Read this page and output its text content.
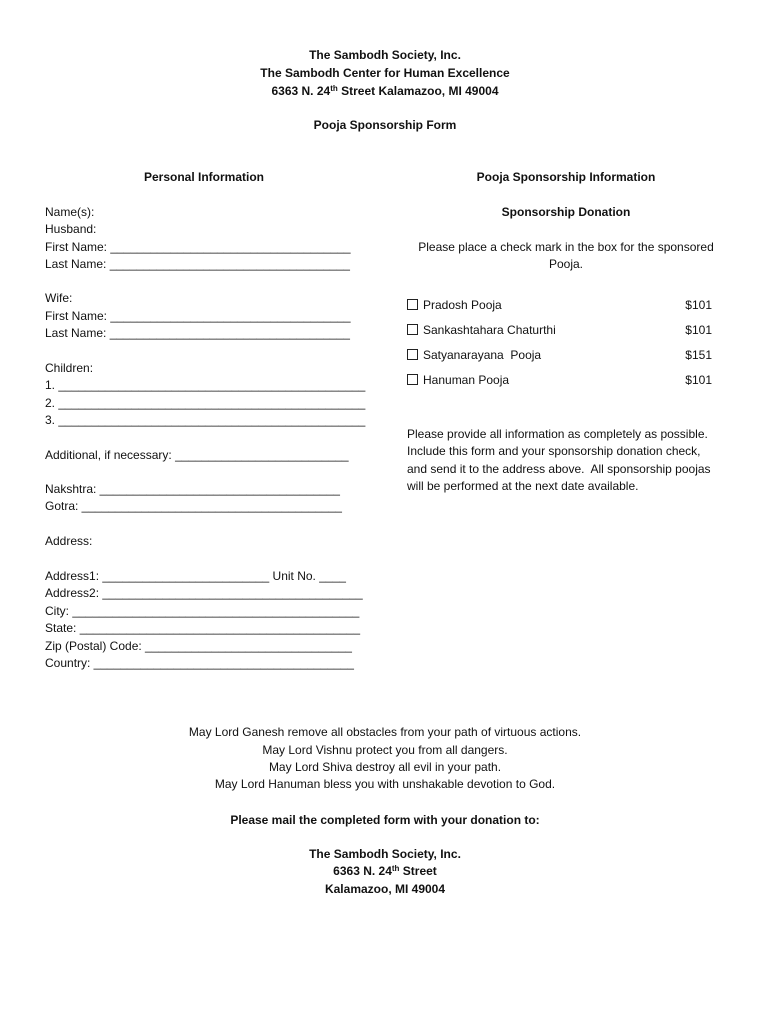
The Sambodh Society, Inc.
The Sambodh Center for Human Excellence
6363 N. 24th Street Kalamazoo, MI 49004
Pooja Sponsorship Form
Personal Information
Name(s):
Husband:
First Name: ____________________________________
Last Name: ____________________________________
Wife:
First Name: ____________________________________
Last Name: ____________________________________
Children:
1. ______________________________________________
2. ______________________________________________
3. ______________________________________________
Additional, if necessary: __________________________
Nakshtra: ____________________________________
Gotra: _______________________________________
Address:
Address1: _________________________ Unit No. ____
Address2: _______________________________________
City: ___________________________________________
State: __________________________________________
Zip (Postal) Code: _______________________________
Country: _______________________________________
Pooja Sponsorship Information
Sponsorship Donation
Please place a check mark in the box for the sponsored
Pooja.
Pradosh Pooja	$101
Sankashtahara Chaturthi	$101
Satyanarayana  Pooja	$151
Hanuman Pooja	$101
Please provide all information as completely as possible.
Include this form and your sponsorship donation check,
and send it to the address above.  All sponsorship poojas
will be performed at the next date available.
May Lord Ganesh remove all obstacles from your path of virtuous actions.
May Lord Vishnu protect you from all dangers.
May Lord Shiva destroy all evil in your path.
May Lord Hanuman bless you with unshakable devotion to God.
Please mail the completed form with your donation to:
The Sambodh Society, Inc.
6363 N. 24th Street
Kalamazoo, MI 49004
